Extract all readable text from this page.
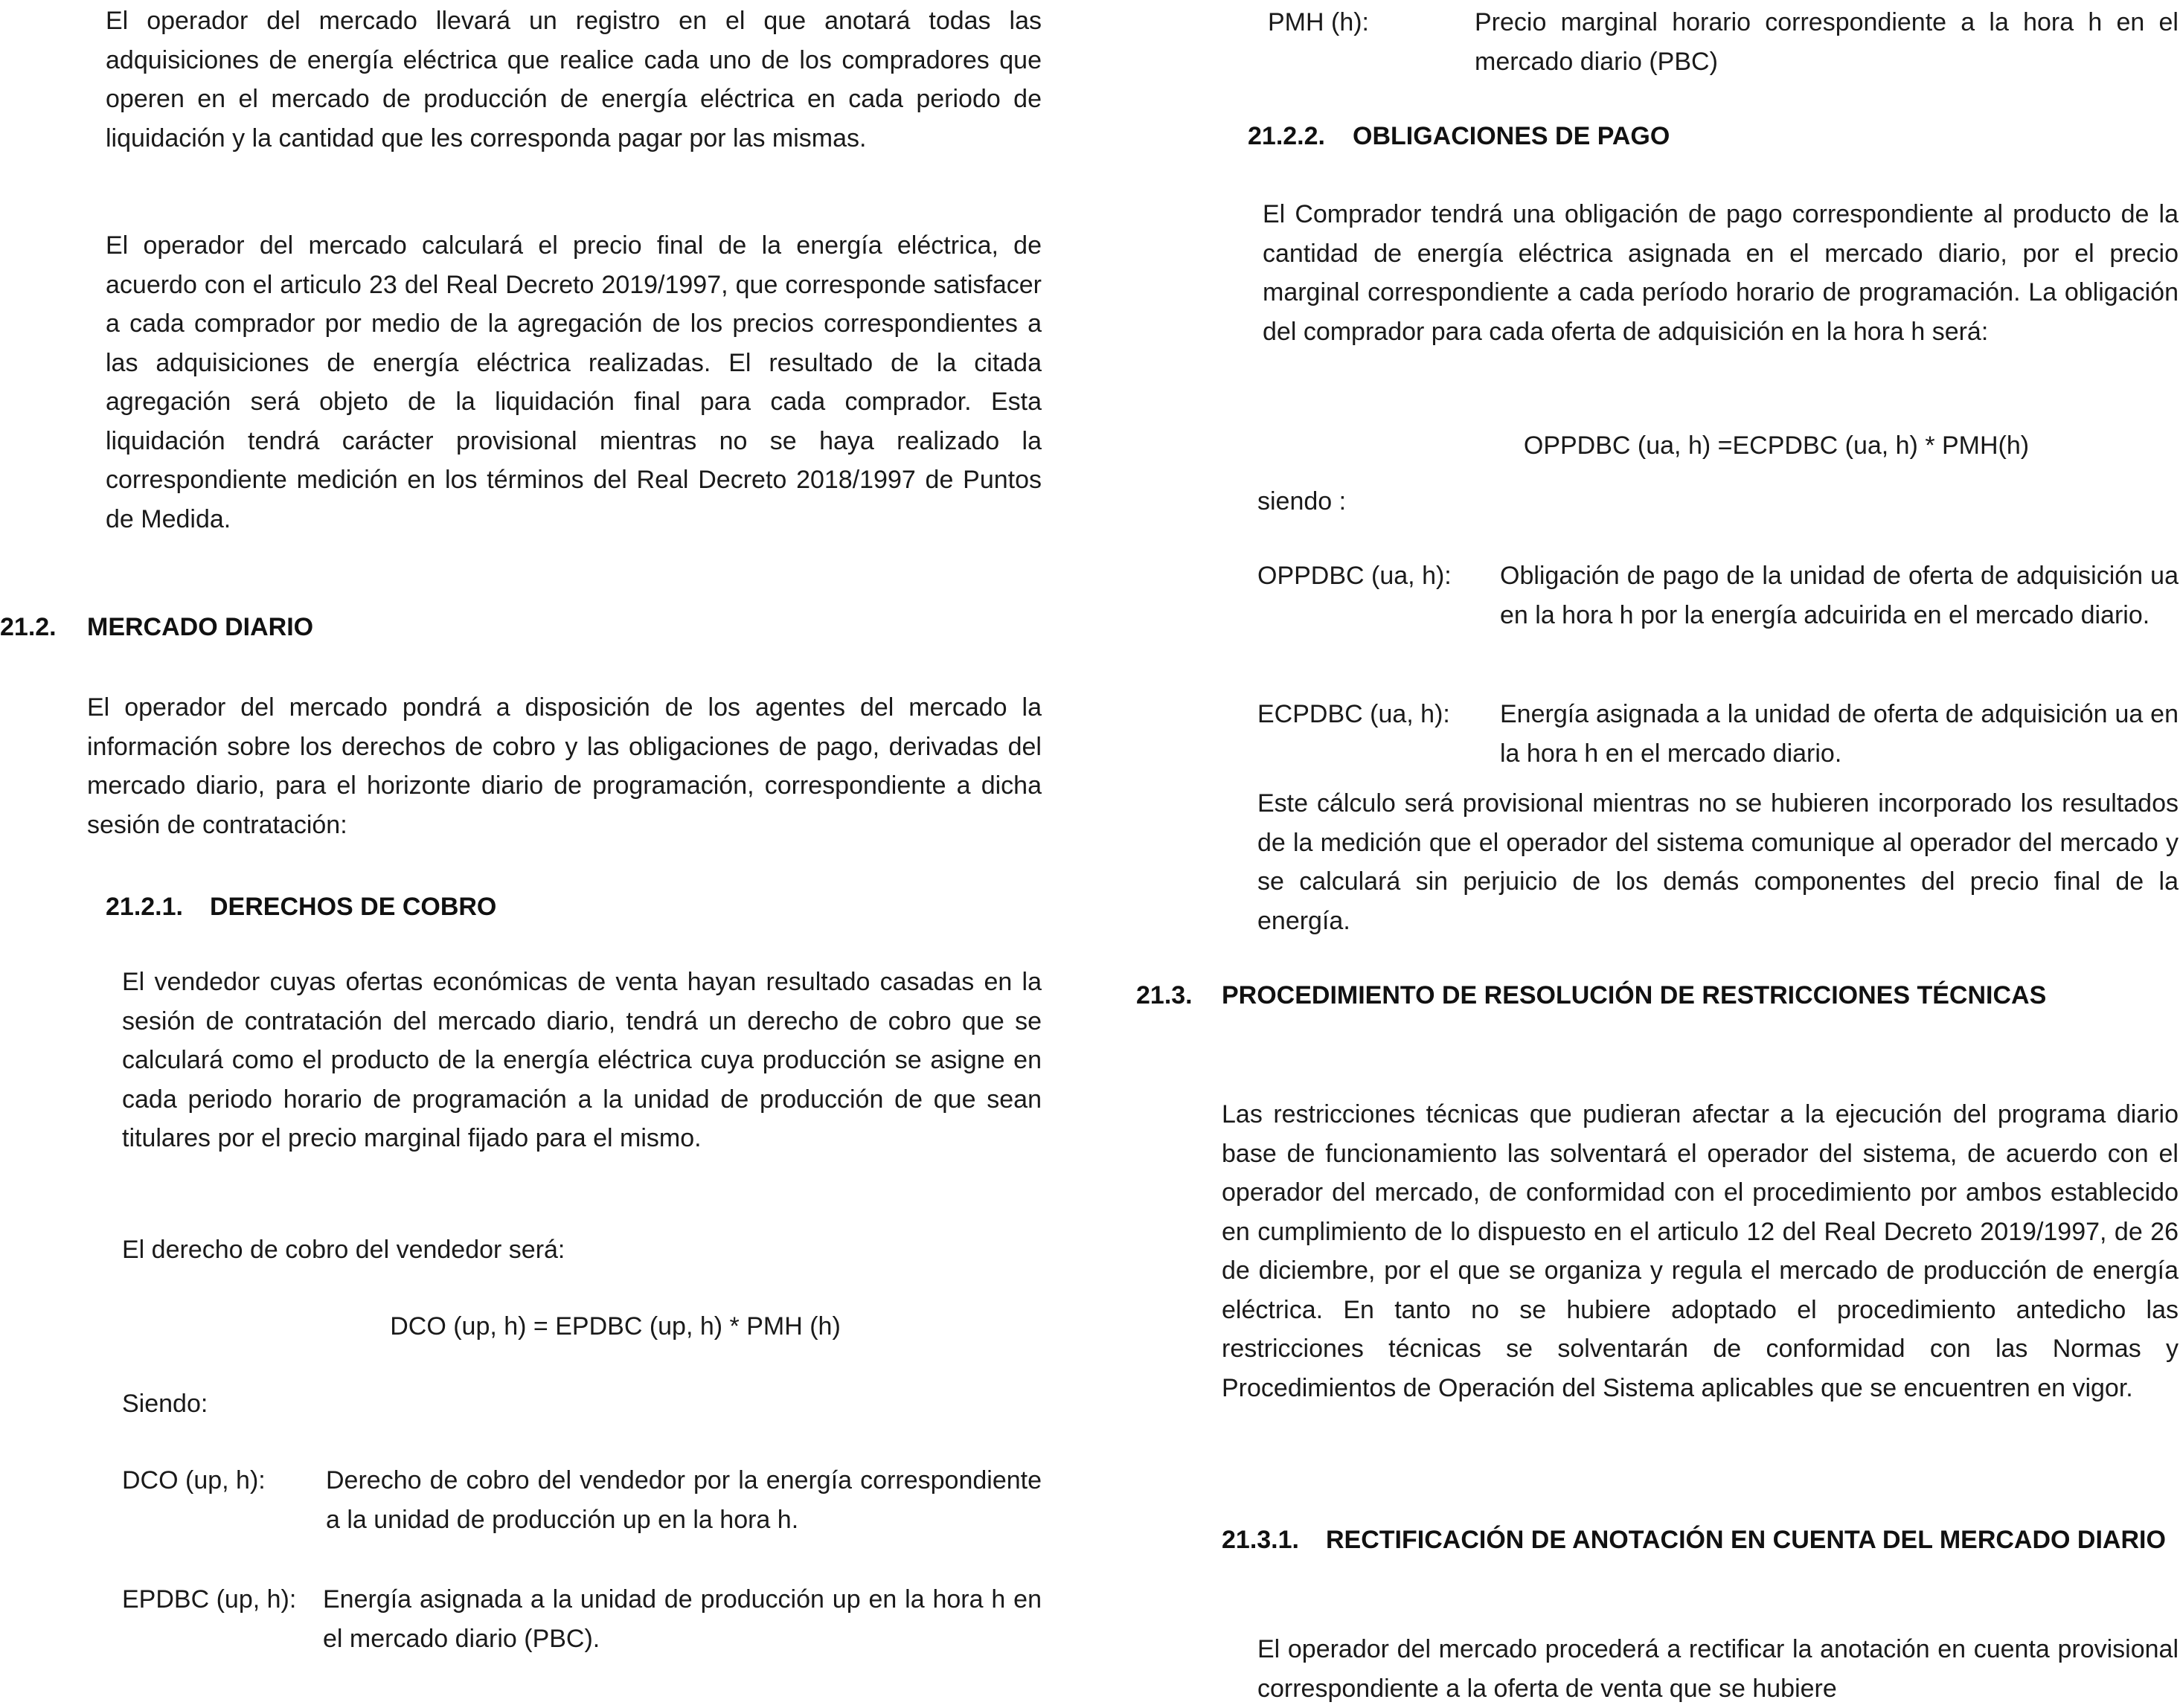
El operador del mercado llevará un registro en el que anotará todas las adquisiciones de energía eléctrica que realice cada uno de los compradores que operen en el mercado de producción de energía eléctrica en cada periodo de liquidación y la cantidad que les corresponda pagar por las mismas.
El operador del mercado calculará el precio final de la energía eléctrica, de acuerdo con el articulo 23 del Real Decreto 2019/1997, que corresponde satisfacer a cada comprador por medio de la agregación de los precios correspondientes a las adquisiciones de energía eléctrica realizadas. El resultado de la citada agregación será objeto de la liquidación final para cada comprador. Esta liquidación tendrá carácter provisional mientras no se haya realizado la correspondiente medición en los términos del Real Decreto 2018/1997 de Puntos de Medida.
21.2. MERCADO DIARIO
El operador del mercado pondrá a disposición de los agentes del mercado la información sobre los derechos de cobro y las obligaciones de pago, derivadas del mercado diario, para el horizonte diario de programación, correspondiente a dicha sesión de contratación:
21.2.1. DERECHOS DE COBRO
El vendedor cuyas ofertas económicas de venta hayan resultado casadas en la sesión de contratación del mercado diario, tendrá un derecho de cobro que se calculará como el producto de la energía eléctrica cuya producción se asigne en cada periodo horario de programación a la unidad de producción de que sean titulares por el precio marginal fijado para el mismo.
El derecho de cobro del vendedor será:
DCO (up, h) = EPDBC (up, h) * PMH (h)
Siendo:
DCO (up, h): Derecho de cobro del vendedor por la energía correspondiente a la unidad de producción up en la hora h.
EPDBC (up, h): Energía asignada a la unidad de producción up en la hora h en el mercado diario (PBC).
PMH (h):	Precio marginal horario correspondiente a la hora h en el mercado diario (PBC)
21.2.2. OBLIGACIONES DE PAGO
El Comprador tendrá una obligación de pago correspondiente al producto de la cantidad de energía eléctrica asignada en el mercado diario, por el precio marginal correspondiente a cada período horario de programación. La obligación del comprador para cada oferta de adquisición en la hora h será:
OPPDBC (ua, h) =ECPDBC (ua, h) * PMH(h)
siendo :
OPPDBC (ua, h): Obligación de pago de la unidad de oferta de adquisición ua en la hora h por la energía adcuirida en el mercado diario.
ECPDBC (ua, h): Energía asignada a la unidad de oferta de adquisición ua en la hora h en el mercado diario.
Este cálculo será provisional mientras no se hubieren incorporado los resultados de la medición que el operador del sistema comunique al operador del mercado y se calculará sin perjuicio de los demás componentes del precio final de la energía.
21.3. PROCEDIMIENTO DE RESOLUCIÓN DE RESTRICCIONES TÉCNICAS
Las restricciones técnicas que pudieran afectar a la ejecución del programa diario base de funcionamiento las solventará el operador del sistema, de acuerdo con el operador del mercado, de conformidad con el procedimiento por ambos establecido en cumplimiento de lo dispuesto en el articulo 12 del Real Decreto 2019/1997, de 26 de diciembre, por el que se organiza y regula el mercado de producción de energía eléctrica. En tanto no se hubiere adoptado el procedimiento antedicho las restricciones técnicas se solventarán de conformidad con las Normas y Procedimientos de Operación del Sistema aplicables que se encuentren en vigor.
21.3.1. RECTIFICACIÓN DE ANOTACIÓN EN CUENTA DEL MERCADO DIARIO
El operador del mercado procederá a rectificar la anotación en cuenta provisional correspondiente a la oferta de venta que se hubiere
